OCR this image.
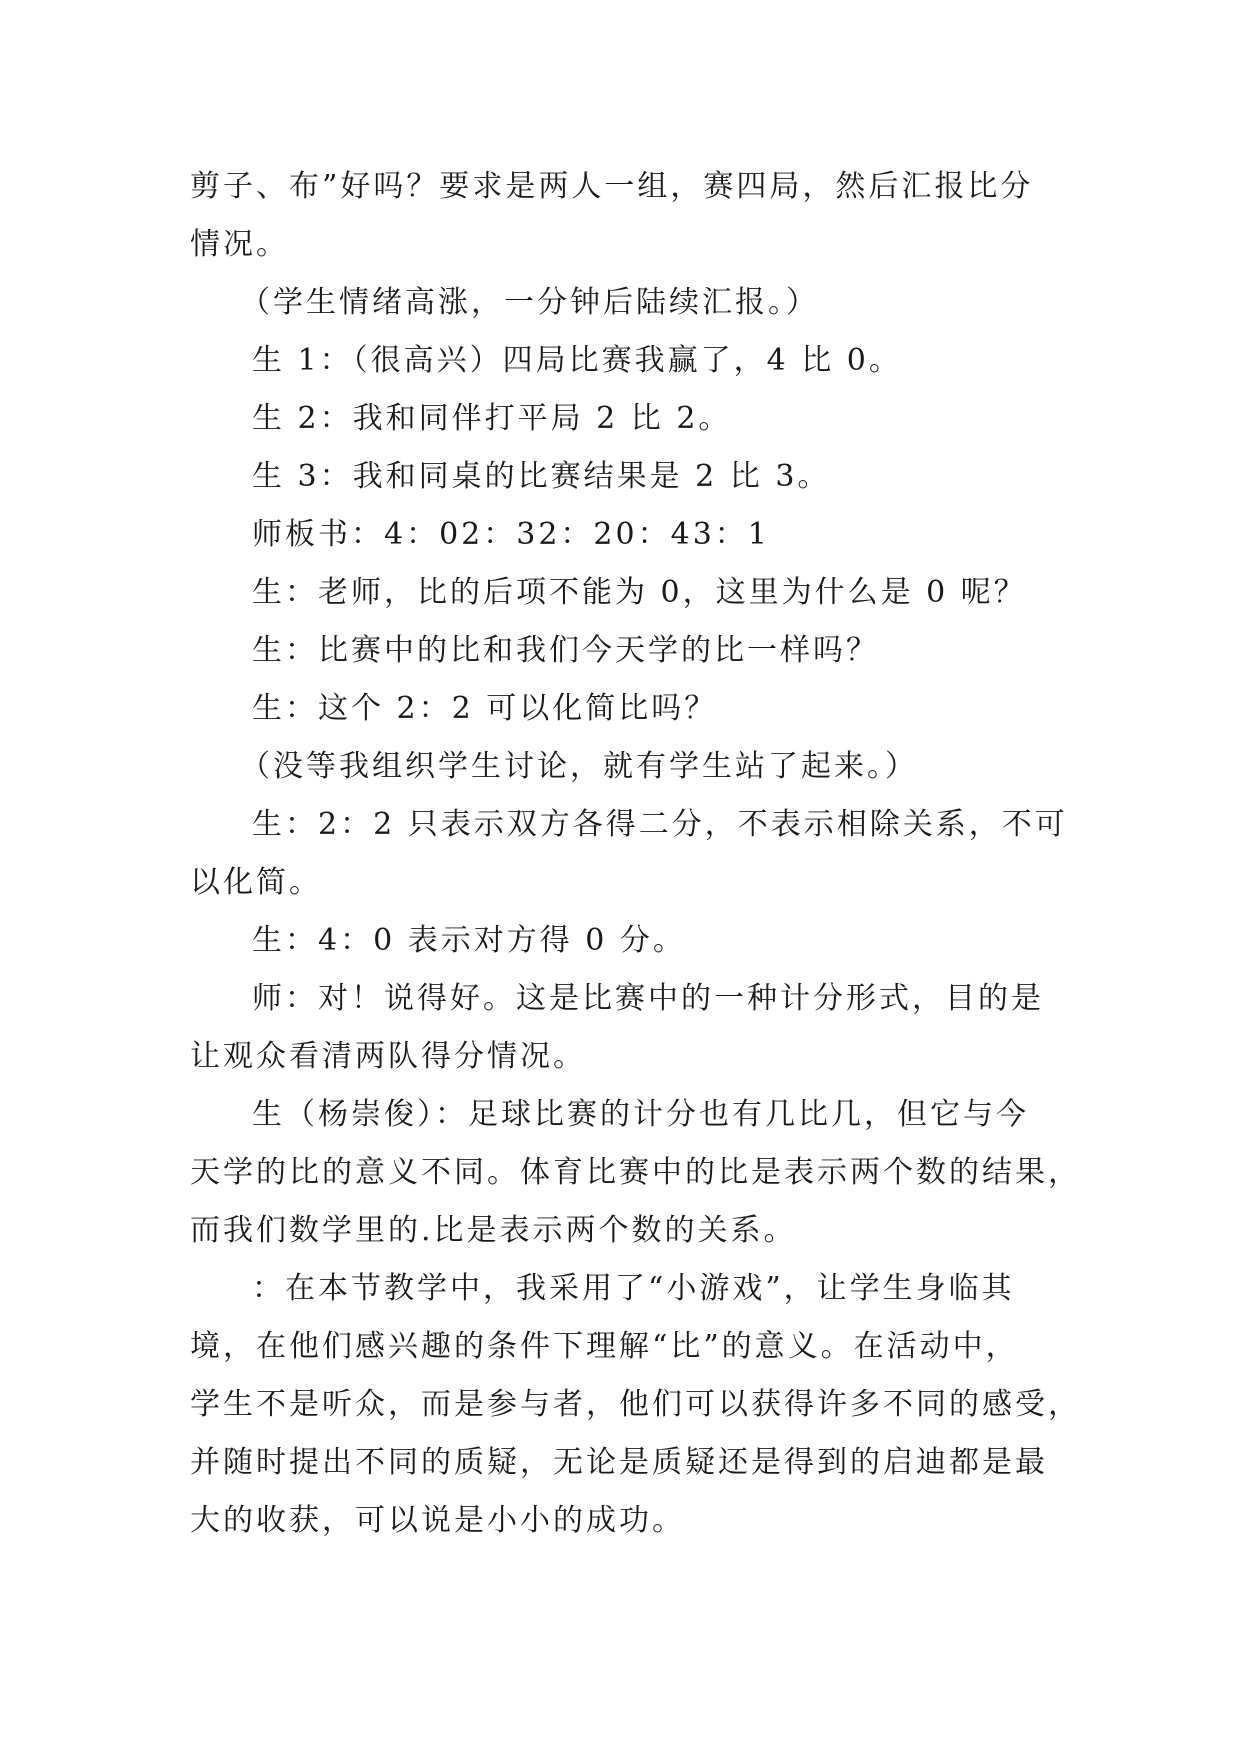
剪子、布”好吗？要求是两人一组，赛四局，然后汇报比分
情况。
（学生情绪高涨，一分钟后陆续汇报。）
生 1：（很高兴）四局比赛我赢了，4 比 0。
生 2：我和同伴打平局 2 比 2。
生 3：我和同桌的比赛结果是 2 比 3。
师板书：4：02：32：20：43：1
生：老师，比的后项不能为 0，这里为什么是 0 呢？
生：比赛中的比和我们今天学的比一样吗？
生：这个 2：2 可以化简比吗？
（没等我组织学生讨论，就有学生站了起来。）
生：2：2 只表示双方各得二分，不表示相除关系，不可
以化简。
生：4：0 表示对方得 0 分。
师：对！说得好。这是比赛中的一种计分形式，目的是
让观众看清两队得分情况。
生（杨崇俊）：足球比赛的计分也有几比几，但它与今
天学的比的意义不同。体育比赛中的比是表示两个数的结果，
而我们数学里的.比是表示两个数的关系。
：在本节教学中，我采用了“小游戏”，让学生身临其
境，在他们感兴趣的条件下理解“比”的意义。在活动中，
学生不是听众，而是参与者，他们可以获得许多不同的感受，
并随时提出不同的质疑，无论是质疑还是得到的启迪都是最
大的收获，可以说是小小的成功。
